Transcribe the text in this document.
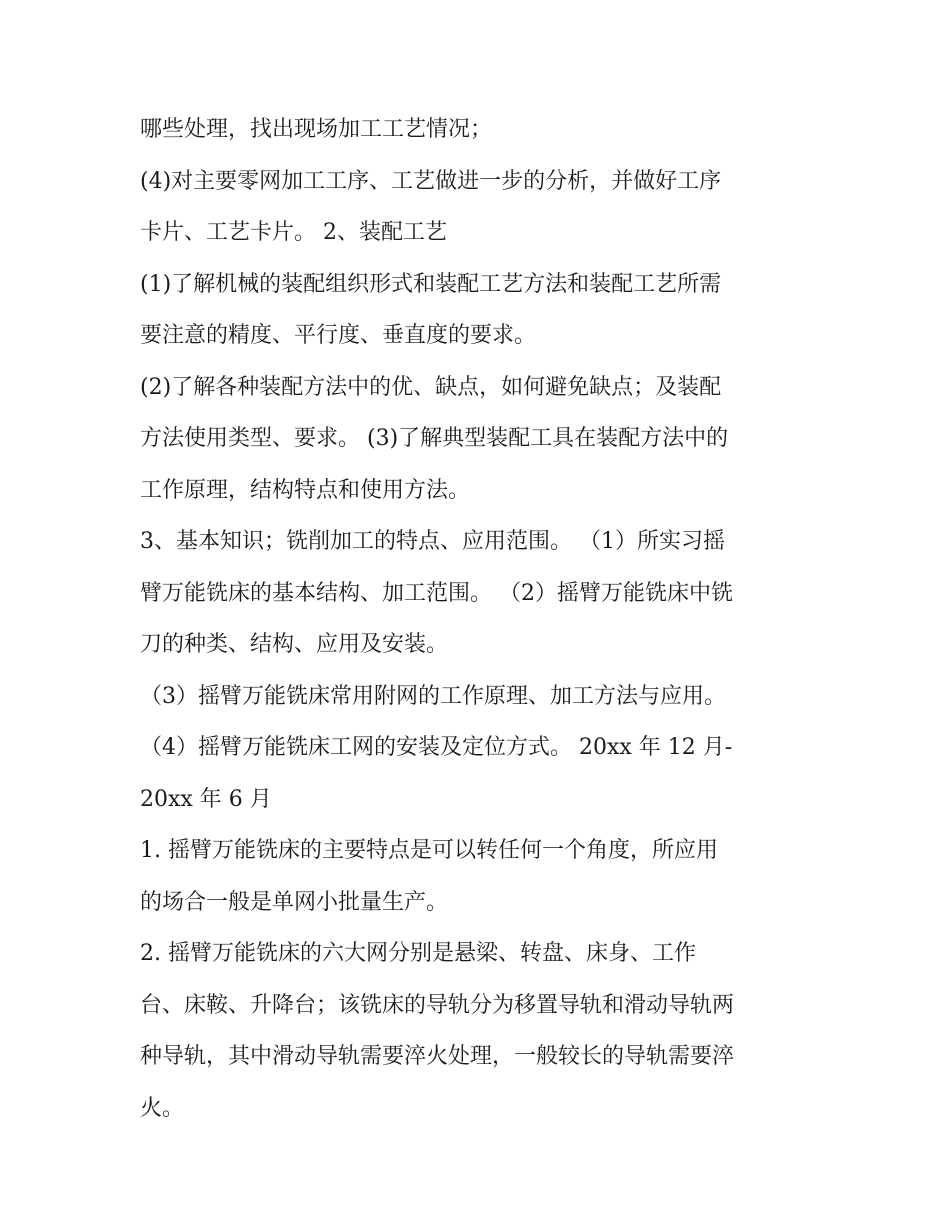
哪些处理，找出现场加工工艺情况；
(4)对主要零网加工工序、工艺做进一步的分析，并做好工序
卡片、工艺卡片。 2、装配工艺
(1)了解机械的装配组织形式和装配工艺方法和装配工艺所需
要注意的精度、平行度、垂直度的要求。
(2)了解各种装配方法中的优、缺点，如何避免缺点；及装配
方法使用类型、要求。 (3)了解典型装配工具在装配方法中的
工作原理，结构特点和使用方法。
3、基本知识；铣削加工的特点、应用范围。 （1）所实习摇
臂万能铣床的基本结构、加工范围。 （2）摇臂万能铣床中铣
刀的种类、结构、应用及安装。
（3）摇臂万能铣床常用附网的工作原理、加工方法与应用。
（4）摇臂万能铣床工网的安装及定位方式。 20xx 年 12 月-
20xx 年 6 月
1. 摇臂万能铣床的主要特点是可以转任何一个角度，所应用
的场合一般是单网小批量生产。
2. 摇臂万能铣床的六大网分别是悬梁、转盘、床身、工作
台、床鞍、升降台；该铣床的导轨分为移置导轨和滑动导轨两
种导轨，其中滑动导轨需要淬火处理，一般较长的导轨需要淬
火。
